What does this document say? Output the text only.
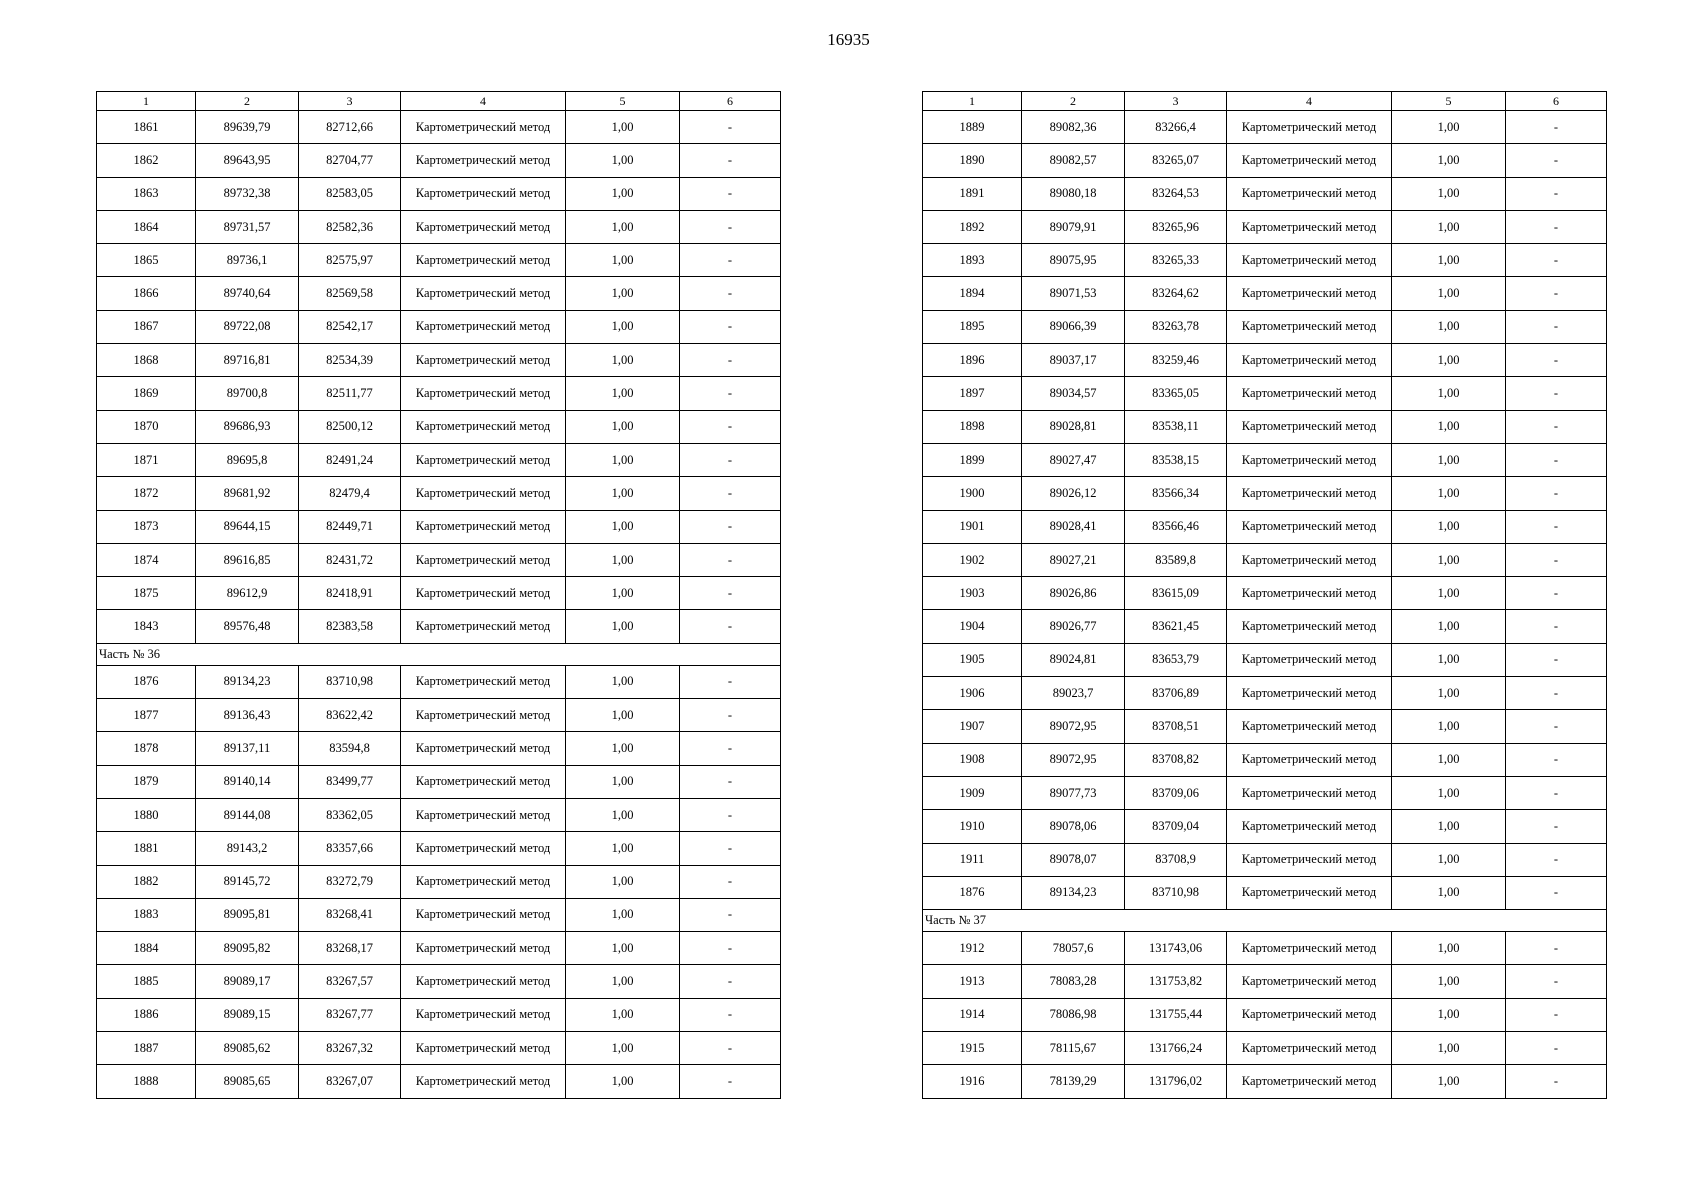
16935
1	2	3	4	5	6
1861	89639,79	82712,66	Картометрический метод	1,00	-
1862	89643,95	82704,77	Картометрический метод	1,00	-
1863	89732,38	82583,05	Картометрический метод	1,00	-
1864	89731,57	82582,36	Картометрический метод	1,00	-
1865	89736,1	82575,97	Картометрический метод	1,00	-
1866	89740,64	82569,58	Картометрический метод	1,00	-
1867	89722,08	82542,17	Картометрический метод	1,00	-
1868	89716,81	82534,39	Картометрический метод	1,00	-
1869	89700,8	82511,77	Картометрический метод	1,00	-
1870	89686,93	82500,12	Картометрический метод	1,00	-
1871	89695,8	82491,24	Картометрический метод	1,00	-
1872	89681,92	82479,4	Картометрический метод	1,00	-
1873	89644,15	82449,71	Картометрический метод	1,00	-
1874	89616,85	82431,72	Картометрический метод	1,00	-
1875	89612,9	82418,91	Картометрический метод	1,00	-
1843	89576,48	82383,58	Картометрический метод	1,00	-
Часть № 36					
1876	89134,23	83710,98	Картометрический метод	1,00	-
1877	89136,43	83622,42	Картометрический метод	1,00	-
1878	89137,11	83594,8	Картометрический метод	1,00	-
1879	89140,14	83499,77	Картометрический метод	1,00	-
1880	89144,08	83362,05	Картометрический метод	1,00	-
1881	89143,2	83357,66	Картометрический метод	1,00	-
1882	89145,72	83272,79	Картометрический метод	1,00	-
1883	89095,81	83268,41	Картометрический метод	1,00	-
1884	89095,82	83268,17	Картометрический метод	1,00	-
1885	89089,17	83267,57	Картометрический метод	1,00	-
1886	89089,15	83267,77	Картометрический метод	1,00	-
1887	89085,62	83267,32	Картометрический метод	1,00	-
1888	89085,65	83267,07	Картометрический метод	1,00	-
1	2	3	4	5	6
1889	89082,36	83266,4	Картометрический метод	1,00	-
1890	89082,57	83265,07	Картометрический метод	1,00	-
1891	89080,18	83264,53	Картометрический метод	1,00	-
1892	89079,91	83265,96	Картометрический метод	1,00	-
1893	89075,95	83265,33	Картометрический метод	1,00	-
1894	89071,53	83264,62	Картометрический метод	1,00	-
1895	89066,39	83263,78	Картометрический метод	1,00	-
1896	89037,17	83259,46	Картометрический метод	1,00	-
1897	89034,57	83365,05	Картометрический метод	1,00	-
1898	89028,81	83538,11	Картометрический метод	1,00	-
1899	89027,47	83538,15	Картометрический метод	1,00	-
1900	89026,12	83566,34	Картометрический метод	1,00	-
1901	89028,41	83566,46	Картометрический метод	1,00	-
1902	89027,21	83589,8	Картометрический метод	1,00	-
1903	89026,86	83615,09	Картометрический метод	1,00	-
1904	89026,77	83621,45	Картометрический метод	1,00	-
1905	89024,81	83653,79	Картометрический метод	1,00	-
1906	89023,7	83706,89	Картометрический метод	1,00	-
1907	89072,95	83708,51	Картометрический метод	1,00	-
1908	89072,95	83708,82	Картометрический метод	1,00	-
1909	89077,73	83709,06	Картометрический метод	1,00	-
1910	89078,06	83709,04	Картометрический метод	1,00	-
1911	89078,07	83708,9	Картометрический метод	1,00	-
1876	89134,23	83710,98	Картометрический метод	1,00	-
Часть № 37					
1912	78057,6	131743,06	Картометрический метод	1,00	-
1913	78083,28	131753,82	Картометрический метод	1,00	-
1914	78086,98	131755,44	Картометрический метод	1,00	-
1915	78115,67	131766,24	Картометрический метод	1,00	-
1916	78139,29	131796,02	Картометрический метод	1,00	-
